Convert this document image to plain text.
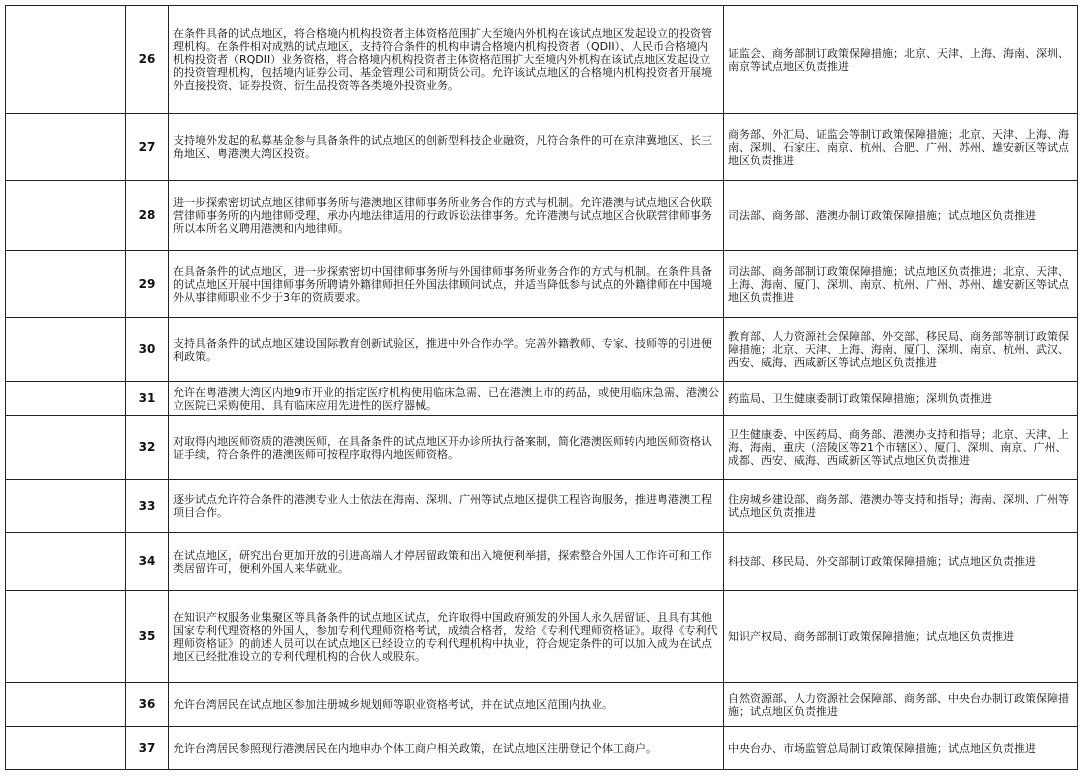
	26	在条件具备的试点地区，将合格境内机构投资者主体资格范围扩大至境内外机构在该试点地区发起设立的投资管理机构。在条件相对成熟的试点地区，支持符合条件的机构申请合格境内机构投资者（QDII）、人民币合格境内机构投资者（RQDII）业务资格，将合格境内机构投资者主体资格范围扩大至境内外机构在该试点地区发起设立的投资管理机构，包括境内证券公司、基金管理公司和期货公司。允许该试点地区的合格境内机构投资者开展境外直接投资、证券投资、衍生品投资等各类境外投资业务。	证监会、商务部制订政策保障措施；北京、天津、上海、海南、深圳、南京等试点地区负责推进
	27	支持境外发起的私募基金参与具备条件的试点地区的创新型科技企业融资，凡符合条件的可在京津冀地区、长三角地区、粤港澳大湾区投资。	商务部、外汇局、证监会等制订政策保障措施；北京、天津、上海、海南、深圳、石家庄、南京、杭州、合肥、广州、苏州、雄安新区等试点地区负责推进
	28	进一步探索密切试点地区律师事务所与港澳地区律师事务所业务合作的方式与机制。允许港澳与试点地区合伙联营律师事务所的内地律师受理、承办内地法律适用的行政诉讼法律事务。允许港澳与试点地区合伙联营律师事务所以本所名义聘用港澳和内地律师。	司法部、商务部、港澳办制订政策保障措施；试点地区负责推进
	29	在具备条件的试点地区，进一步探索密切中国律师事务所与外国律师事务所业务合作的方式与机制。在条件具备的试点地区开展中国律师事务所聘请外籍律师担任外国法律顾问试点，并适当降低参与试点的外籍律师在中国境外从事律师职业不少于3年的资质要求。	司法部、商务部制订政策保障措施；试点地区负责推进；北京、天津、上海、海南、厦门、深圳、南京、杭州、广州、苏州、雄安新区等试点地区负责推进
	30	支持具备条件的试点地区建设国际教育创新试验区，推进中外合作办学。完善外籍教师、专家、技师等的引进便利政策。	教育部、人力资源社会保障部、外交部、移民局、商务部等制订政策保障措施；北京、天津、上海、海南、厦门、深圳、南京、杭州、武汉、西安、威海、西咸新区等试点地区负责推进
	31	允许在粤港澳大湾区内地9市开业的指定医疗机构使用临床急需、已在港澳上市的药品，或使用临床急需、港澳公立医院已采购使用、具有临床应用先进性的医疗器械。	药监局、卫生健康委制订政策保障措施；深圳负责推进
	32	对取得内地医师资质的港澳医师，在具备条件的试点地区开办诊所执行备案制，简化港澳医师转内地医师资格认证手续，符合条件的港澳医师可按程序取得内地医师资格。	卫生健康委、中医药局、商务部、港澳办支持和指导；北京、天津、上海、海南、重庆（涪陵区等21个市辖区）、厦门、深圳、南京、广州、成都、西安、威海、西咸新区等试点地区负责推进
	33	逐步试点允许符合条件的港澳专业人士依法在海南、深圳、广州等试点地区提供工程咨询服务，推进粤港澳工程项目合作。	住房城乡建设部、商务部、港澳办等支持和指导；海南、深圳、广州等试点地区负责推进
	34	在试点地区，研究出台更加开放的引进高端人才停居留政策和出入境便利举措，探索整合外国人工作许可和工作类居留许可，便利外国人来华就业。	科技部、移民局、外交部制订政策保障措施；试点地区负责推进
	35	在知识产权服务业集聚区等具备条件的试点地区试点，允许取得中国政府颁发的外国人永久居留证、且具有其他国家专利代理资格的外国人，参加专利代理师资格考试，成绩合格者，发给《专利代理师资格证》。取得《专利代理师资格证》的前述人员可以在试点地区已经设立的专利代理机构中执业，符合规定条件的可以加入成为在试点地区已经批准设立的专利代理机构的合伙人或股东。	知识产权局、商务部制订政策保障措施；试点地区负责推进
	36	允许台湾居民在试点地区参加注册城乡规划师等职业资格考试，并在试点地区范围内执业。	自然资源部、人力资源社会保障部、商务部、中央台办制订政策保障措施；试点地区负责推进
	37	允许台湾居民参照现行港澳居民在内地申办个体工商户相关政策，在试点地区注册登记个体工商户。	中央台办、市场监管总局制订政策保障措施；试点地区负责推进
